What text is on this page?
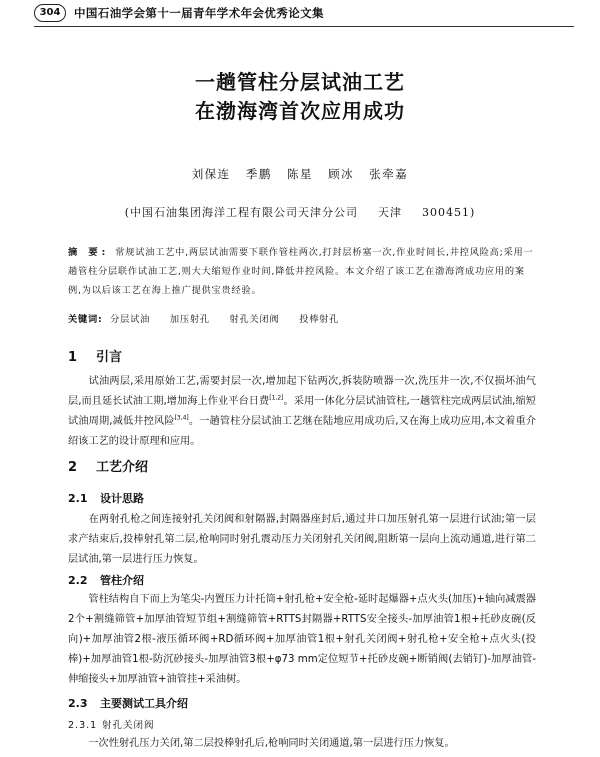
304	中国石油学会第十一届青年学术年会优秀论文集
一趟管柱分层试油工艺
在渤海湾首次应用成功
刘保连 季鹏 陈星 顾冰 张牵嘉
(中国石油集团海洋工程有限公司天津分公司 天津 300451)
摘 要: 常规试油工艺中,两层试油需要下联作管柱两次,打封层桥塞一次,作业时间长,井控风险高;采用一趟管柱分层联作试油工艺,则大大缩短作业时间,降低井控风险。本文介绍了该工艺在渤海湾成功应用的案例,为以后该工艺在海上推广提供宝贵经验。
关键词: 分层试油 加压射孔 射孔关闭阀 投棒射孔
1 引言
  试油两层,采用原始工艺,需要封层一次,增加起下钻两次,拆装防喷器一次,洗压井一次,不仅损坏油气层,而且延长试油工期,增加海上作业平台日费[1,2]。采用一体化分层试油管柱,一趟管柱完成两层试油,缩短试油周期,减低井控风险[3,4]。一趟管柱分层试油工艺继在陆地应用成功后,又在海上成功应用,本文着重介绍该工艺的设计原理和应用。
2 工艺介绍
2.1 设计思路
  在两射孔枪之间连接射孔关闭阀和射隔器,封隔器座封后,通过井口加压射孔第一层进行试油;第一层求产结束后,投棒射孔第二层,枪响同时射孔震动压力关闭射孔关闭阀,阻断第一层向上流动通道,进行第二层试油,第一层进行压力恢复。
2.2 管柱介绍
  管柱结构自下而上为笔尖-内置压力计托筒+射孔枪+安全枪-延时起爆器+点火头(加压)+轴向减震器2个+割缝筛管+加厚油管短节组+割缝筛管+RTTS封隔器+RTTS安全接头-加厚油管1根+托砂皮碗(反向)+加厚油管2根-液压循环阀+RD循环阀+加厚油管1根+射孔关闭阀+射孔枪+安全枪+点火头(投棒)+加厚油管1根-防沉砂接头-加厚油管3根+φ73 mm定位短节+托砂皮碗+断销阀(去销钉)-加厚油管-伸缩接头+加厚油管+油管挂+采油树。
2.3 主要测试工具介绍
2.3.1 射孔关闭阀
  一次性射孔压力关闭,第二层投棒射孔后,枪响同时关闭通道,第一层进行压力恢复。
